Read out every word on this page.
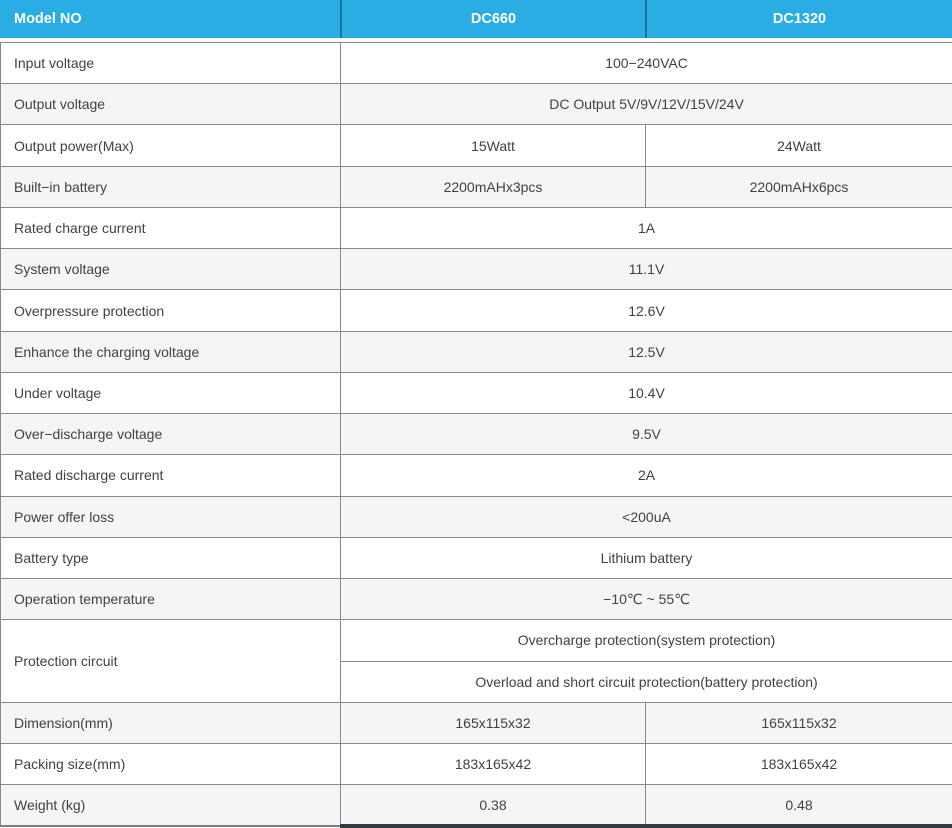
Model NO	DC660	DC1320
Input voltage	100−240VAC	
Output voltage	DC Output 5V/9V/12V/15V/24V	
Output power(Max)	15Watt	24Watt
Built−in battery	2200mAHx3pcs	2200mAHx6pcs
Rated charge current	1A	
System voltage	11.1V	
Overpressure protection	12.6V	
Enhance the charging voltage	12.5V	
Under voltage	10.4V	
Over−discharge voltage	9.5V	
Rated discharge current	2A	
Power offer loss	<200uA	
Battery type	Lithium battery	
Operation temperature	−10℃ ~ 55℃	
Protection circuit	Overcharge protection(system protection)	
	Overload and short circuit protection(battery protection)	
Dimension(mm)	165x115x32	165x115x32
Packing size(mm)	183x165x42	183x165x42
Weight (kg)	0.38	0.48
